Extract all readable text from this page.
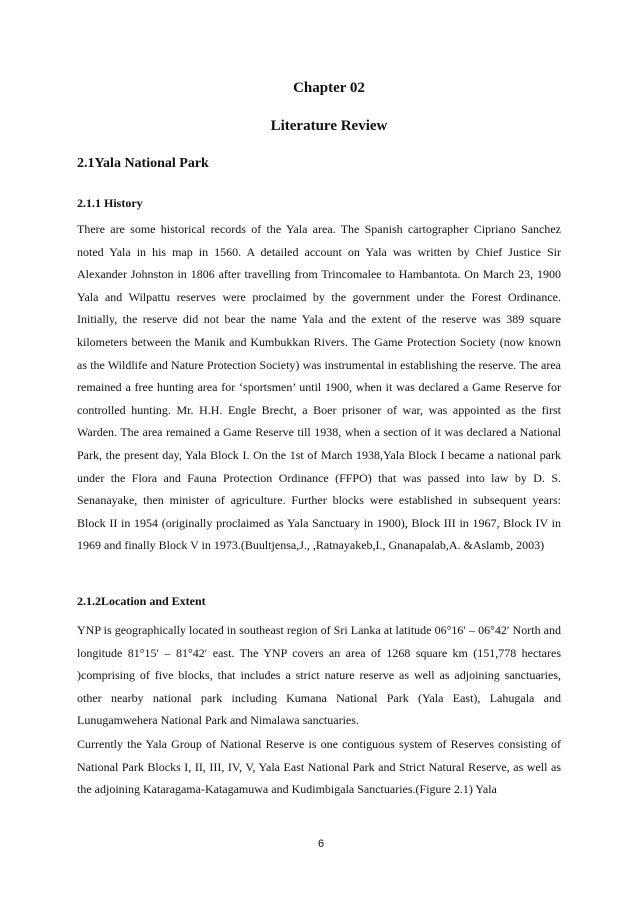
Chapter 02
Literature Review
2.1Yala National Park
2.1.1 History

There are some historical records of the Yala area. The Spanish cartographer Cipriano Sanchez noted Yala in his map in 1560. A detailed account on Yala was written by Chief Justice Sir Alexander Johnston in 1806 after travelling from Trincomalee to Hambantota. On March 23, 1900 Yala and Wilpattu reserves were proclaimed by the government under the Forest Ordinance. Initially, the reserve did not bear the name Yala and the extent of the reserve was 389 square kilometers between the Manik and Kumbukkan Rivers. The Game Protection Society (now known as the Wildlife and Nature Protection Society) was instrumental in establishing the reserve. The area remained a free hunting area for ‘sportsmen’ until 1900, when it was declared a Game Reserve for controlled hunting. Mr. H.H. Engle Brecht, a Boer prisoner of war, was appointed as the first Warden. The area remained a Game Reserve till 1938, when a section of it was declared a National Park, the present day, Yala Block I. On the 1st of March 1938,Yala Block I became a national park under the Flora and Fauna Protection Ordinance (FFPO) that was passed into law by D. S. Senanayake, then minister of agriculture. Further blocks were established in subsequent years: Block II in 1954 (originally proclaimed as Yala Sanctuary in 1900), Block III in 1967, Block IV in 1969 and finally Block V in 1973.(Buultjensa,J., ,Ratnayakeb,I., Gnanapalab,A. &Aslamb, 2003)

2.1.2Location and Extent

YNP is geographically located in southeast region of Sri Lanka at latitude 06°16′ – 06°42′ North and longitude 81°15′ – 81°42′ east. The YNP covers an area of 1268 square km (151,778 hectares )comprising of five blocks, that includes a strict nature reserve as well as adjoining sanctuaries, other nearby national park including Kumana National Park (Yala East), Lahugala and Lunugamwehera National Park and Nimalawa sanctuaries.

Currently the Yala Group of National Reserve is one contiguous system of Reserves consisting of National Park Blocks I, II, III, IV, V, Yala East National Park and Strict Natural Reserve, as well as the adjoining Kataragama-Katagamuwa and Kudimbigala Sanctuaries.(Figure 2.1) Yala

6
